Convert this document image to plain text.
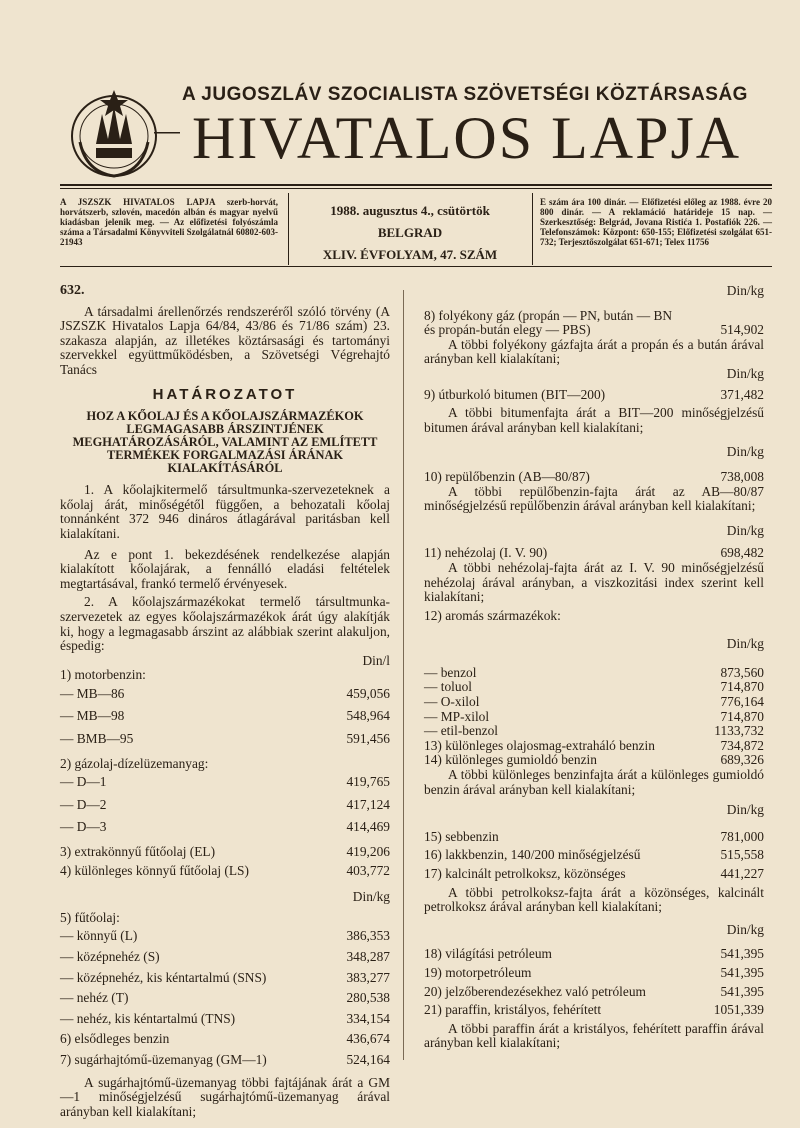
A JUGOSZLÁV SZOCIALISTA SZÖVETSÉGI KÖZTÁRSASÁG
HIVATALOS LAPJA
A JSZSZK HIVATALOS LAPJA szerb-horvát, horvátszerb, szlovén, macedón albán és magyar nyelvű kiadásban jelenik meg. — Az előfizetési folyószámla száma a Társadalmi Könyvviteli Szolgálatnál 60802-603-21943
1988. augusztus 4., csütörtök
BELGRAD
XLIV. ÉVFOLYAM, 47. SZÁM
E szám ára 100 dinár. — Előfizetési előleg az 1988. évre 20 800 dinár. — A reklamáció határideje 15 nap. — Szerkesztőség: Belgrád, Jovana Ristića 1. Postafiók 226. — Telefonszámok: Központ: 650-155; Előfizetési szolgálat 651-732; Terjesztőszolgálat 651-671; Telex 11756
632.

A társadalmi árellenőrzés rendszeréről szóló törvény (A JSZSZK Hivatalos Lapja 64/84, 43/86 és 71/86 szám) 23. szakasza alapján, az illetékes köztársasági és tartományi szervekkel együttműködésben, a Szövetségi Végrehajtó Tanács

HATÁROZATOT
HOZ A KŐOLAJ ÉS A KŐOLAJSZÁRMAZÉKOK LEGMAGASABB ÁRSZINTJÉNEK MEGHATÁROZÁSÁRÓL, VALAMINT AZ EMLÍTETT TERMÉKEK FORGALMAZÁSI ÁRÁNAK KIALAKÍTÁSÁRÓL

1. A kőolajkitermelő társultmunka-szervezeteknek a kőolaj árát, minőségétől függően, a behozatali kőolaj tonnánként 372 946 dináros átlagárával paritásban kell kialakítani.

Az e pont 1. bekezdésének rendelkezése alapján kialakított kőolajárak, a fennálló eladási feltételek megtartásával, frankó termelő érvényesek.

2. A kőolajszármazékokat termelő társultmunka-szervezetek az egyes kőolajszármazékok árát úgy alakítják ki, hogy a legmagasabb árszint az alábbiak szerint alakuljon, éspedig:

Din/l
1) motorbenzin:
— MB—86	459,056
— MB—98	548,964
— BMB—95	591,456
2) gázolaj-dízelüzemanyag:
— D—1	419,765
— D—2	417,124
— D—3	414,469
3) extrakönnyű fűtőolaj (EL)	419,206
4) különleges könnyű fűtőolaj (LS)	403,772
Din/kg
5) fűtőolaj:
— könnyű (L)	386,353
— középnehéz (S)	348,287
— középnehéz, kis kéntartalmú (SNS)	383,277
— nehéz (T)	280,538
— nehéz, kis kéntartalmú (TNS)	334,154
6) elsődleges benzin	436,674
7) sugárhajtómű-üzemanyag (GM—1)	524,164

A sugárhajtómű-üzemanyag többi fajtájának árát a GM—1 minőségjelzésű sugárhajtómű-üzemanyag árával arányban kell kialakítani;

Din/kg

8) folyékony gáz (propán — PN, bután — BN és propán-bután elegy — PBS)	514,902

A többi folyékony gázfajta árát a propán és a bután árával arányban kell kialakítani;

Din/kg
9) útburkoló bitumen (BIT—200)	371,482

A többi bitumenfajta árát a BIT—200 minőségjelzésű bitumen árával arányban kell kialakítani;

Din/kg
10) repülőbenzin (AB—80/87)	738,008

A többi repülőbenzin-fajta árát az AB—80/87 minőségjelzésű repülőbenzin árával arányban kell kialakítani;

Din/kg
11) nehézolaj (I. V. 90)	698,482

A többi nehézolaj-fajta árát az I. V. 90 minőségjelzésű nehézolaj árával arányban, a viszkozitási index szerint kell kialakítani;

12) aromás származékok:
Din/kg
— benzol	873,560
— toluol	714,870
— O-xilol	776,164
— MP-xilol	714,870
— etil-benzol	1133,732
13) különleges olajosmag-extraháló benzin	734,872
14) különleges gumioldó benzin	689,326

A többi különleges benzinfajta árát a különleges gumioldó benzin árával arányban kell kialakítani;

Din/kg
15) sebbenzin	781,000
16) lakkbenzin, 140/200 minőségjelzésű	515,558
17) kalcinált petrolkoksz, közönséges	441,227

A többi petrolkoksz-fajta árát a közönséges, kalcinált petrolkoksz árával arányban kell kialakítani;

Din/kg
18) világítási petróleum	541,395
19) motorpetróleum	541,395
20) jelzőberendezésekhez való petróleum	541,395
21) paraffin, kristályos, fehérített	1051,339

A többi paraffin árát a kristályos, fehérített paraffin árával arányban kell kialakítani;
